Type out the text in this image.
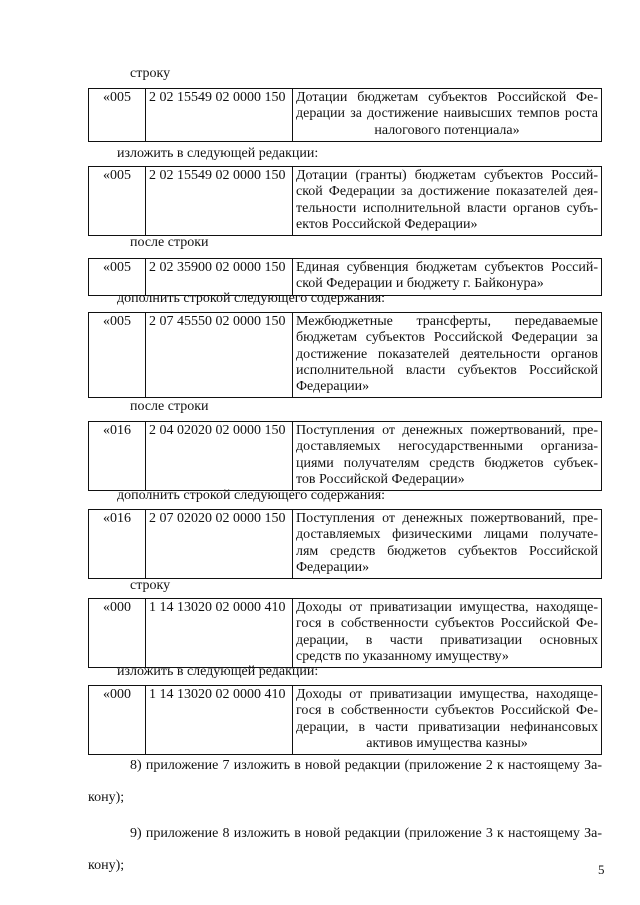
5
строку
«005	2 02 15549 02 0000 150	Дотации бюджетам субъектов Российской Фе-
дерации за достижение наивысших темпов роста
налогового потенциала»
изложить в следующей редакции:
«005	2 02 15549 02 0000 150	Дотации (гранты) бюджетам субъектов Россий-
ской Федерации за достижение показателей дея-
тельности исполнительной власти органов субъ-
ектов Российской Федерации»
после строки
«005	2 02 35900 02 0000 150	Единая субвенция бюджетам субъектов Россий-
ской Федерации и бюджету г. Байконура»
дополнить строкой следующего содержания:
«005	2 07 45550 02 0000 150	Межбюджетные трансферты, передаваемые
бюджетам субъектов Российской Федерации за
достижение показателей деятельности органов
исполнительной власти субъектов Российской
Федерации»
после строки
«016	2 04 02020 02 0000 150	Поступления от денежных пожертвований, пре-
доставляемых негосударственными организа-
циями получателям средств бюджетов субъек-
тов Российской Федерации»
дополнить строкой следующего содержания:
«016	2 07 02020 02 0000 150	Поступления от денежных пожертвований, пре-
доставляемых физическими лицами получате-
лям средств бюджетов субъектов Российской
Федерации»
строку
«000	1 14 13020 02 0000 410	Доходы от приватизации имущества, находяще-
гося в собственности субъектов Российской Фе-
дерации, в части приватизации основных
средств по указанному имуществу»
изложить в следующей редакции:
«000	1 14 13020 02 0000 410	Доходы от приватизации имущества, находяще-
гося в собственности субъектов Российской Фе-
дерации, в части приватизации нефинансовых
активов имущества казны»
8) приложение 7 изложить в новой редакции (приложение 2 к настоящему За-
кону);
9) приложение 8 изложить в новой редакции (приложение 3 к настоящему За-
кону);
